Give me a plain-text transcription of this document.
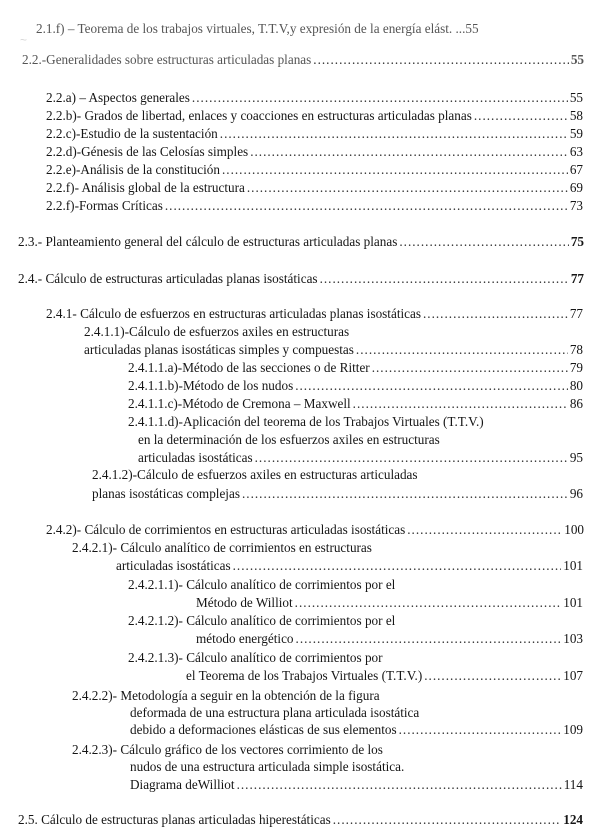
~
2.1.f) – Teorema de los trabajos virtuales, T.T.V,y expresión de la energía elást. ...55
2.2.-Generalidades sobre estructuras articuladas planas .....	55
2.2.a) – Aspectos generales .....	55
2.2.b)- Grados de libertad, enlaces y coacciones en estructuras articuladas planas .....	58
2.2.c)-Estudio de la sustentación .....	59
2.2.d)-Génesis de las Celosías simples .....	63
2.2.e)-Análisis de la constitución .....	67
2.2.f)- Análisis global de la estructura .....	69
2.2.f)-Formas Críticas .....	73
2.3.- Planteamiento general del cálculo de estructuras articuladas planas .....	75
2.4.- Cálculo de estructuras articuladas planas isostáticas .....	77
2.4.1- Cálculo de esfuerzos en estructuras articuladas planas isostáticas .....	77
2.4.1.1)-Cálculo de esfuerzos axiles en estructuras
articuladas planas isostáticas simples y compuestas .....	78
2.4.1.1.a)-Método de las secciones o de Ritter .....	79
2.4.1.1.b)-Método de los nudos .....	80
2.4.1.1.c)-Método de Cremona – Maxwell .....	86
2.4.1.1.d)-Aplicación del teorema de los Trabajos Virtuales (T.T.V.)
en la determinación de los esfuerzos axiles en estructuras
articuladas isostáticas .....	95
2.4.1.2)-Cálculo de esfuerzos axiles en estructuras articuladas
planas isostáticas complejas .....	96
2.4.2)- Cálculo de corrimientos en estructuras articuladas isostáticas .....	100
2.4.2.1)- Cálculo analítico de corrimientos en estructuras
articuladas isostáticas .....	101
2.4.2.1.1)- Cálculo analítico de corrimientos por el
Método de Williot .....	101
2.4.2.1.2)- Cálculo analítico de corrimientos por el
método energético .....	103
2.4.2.1.3)- Cálculo analítico de corrimientos por
el Teorema de los Trabajos Virtuales (T.T.V.) .....	107
2.4.2.2)- Metodología a seguir en la obtención de la figura
deformada de una estructura plana articulada isostática
debido a deformaciones elásticas de sus elementos .....	109
2.4.2.3)- Cálculo gráfico de los vectores corrimiento de los
nudos de una estructura articulada simple isostática.
Diagrama deWilliot .....	114
2.5. Cálculo de estructuras planas articuladas hiperestáticas .....	124
